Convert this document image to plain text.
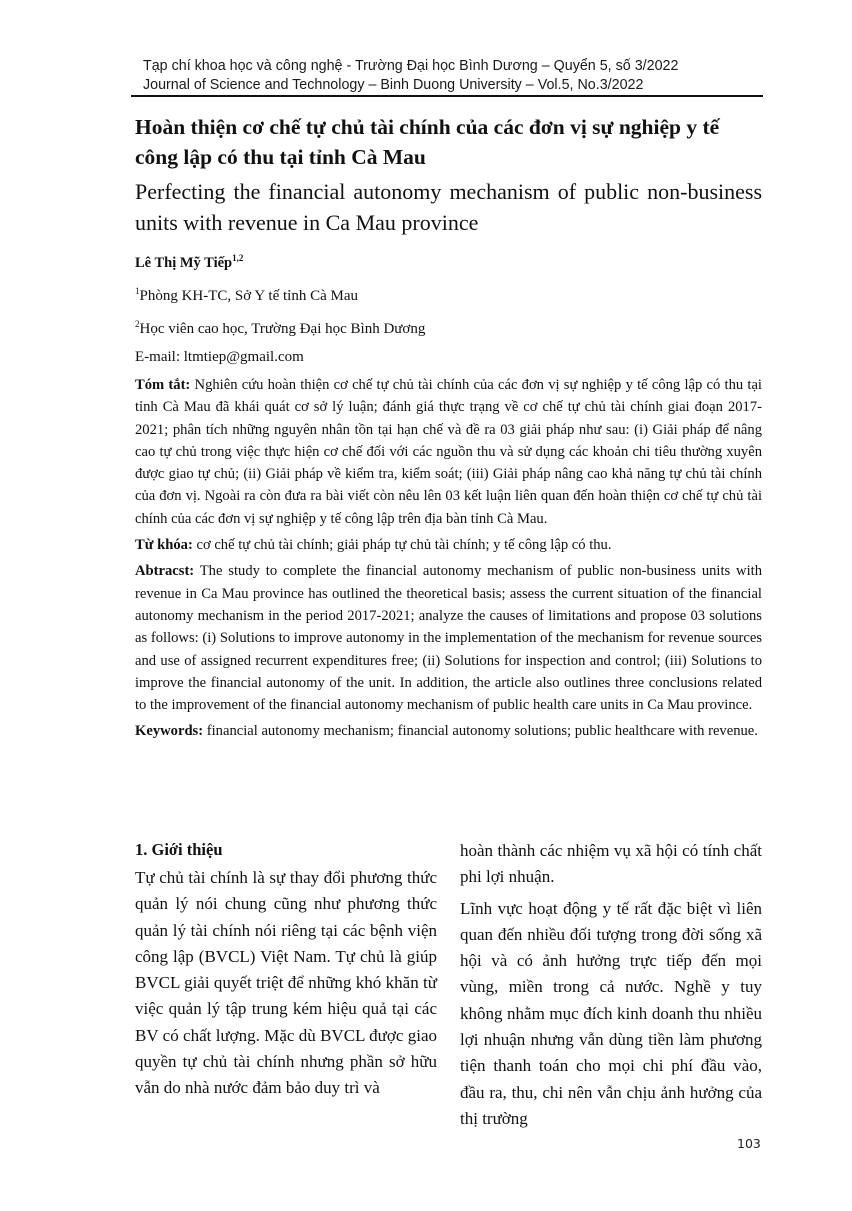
Tạp chí khoa học và công nghệ - Trường Đại học Bình Dương – Quyển 5, số 3/2022
Journal of Science and Technology – Binh Duong University – Vol.5, No.3/2022
Hoàn thiện cơ chế tự chủ tài chính của các đơn vị sự nghiệp y tế công lập có thu tại tỉnh Cà Mau
Perfecting the financial autonomy mechanism of public non-business units with revenue in Ca Mau province
Lê Thị Mỹ Tiếp$^{1,2}$
$^1$Phòng KH-TC, Sở Y tế tỉnh Cà Mau
$^2$Học viên cao học, Trường Đại học Bình Dương
E-mail: ltmtiep@gmail.com
Tóm tắt: Nghiên cứu hoàn thiện cơ chế tự chủ tài chính của các đơn vị sự nghiệp y tế công lập có thu tại tỉnh Cà Mau đã khái quát cơ sở lý luận; đánh giá thực trạng về cơ chế tự chủ tài chính giai đoạn 2017-2021; phân tích những nguyên nhân tồn tại hạn chế và đề ra 03 giải pháp như sau: (i) Giải pháp để nâng cao tự chủ trong việc thực hiện cơ chế đối với các nguồn thu và sử dụng các khoản chi tiêu thường xuyên được giao tự chủ; (ii) Giải pháp về kiểm tra, kiểm soát; (iii) Giải pháp nâng cao khả năng tự chủ tài chính của đơn vị. Ngoài ra còn đưa ra bài viết còn nêu lên 03 kết luận liên quan đến hoàn thiện cơ chế tự chủ tài chính của các đơn vị sự nghiệp y tế công lập trên địa bàn tỉnh Cà Mau.
Từ khóa: cơ chế tự chủ tài chính; giải pháp tự chủ tài chính; y tế công lập có thu.
Abtracst: The study to complete the financial autonomy mechanism of public non-business units with revenue in Ca Mau province has outlined the theoretical basis; assess the current situation of the financial autonomy mechanism in the period 2017-2021; analyze the causes of limitations and propose 03 solutions as follows: (i) Solutions to improve autonomy in the implementation of the mechanism for revenue sources and use of assigned recurrent expenditures free; (ii) Solutions for inspection and control; (iii) Solutions to improve the financial autonomy of the unit. In addition, the article also outlines three conclusions related to the improvement of the financial autonomy mechanism of public health care units in Ca Mau province.
Keywords: financial autonomy mechanism; financial autonomy solutions; public healthcare with revenue.
1. Giới thiệu

Tự chủ tài chính là sự thay đổi phương thức quản lý nói chung cũng như phương thức quản lý tài chính nói riêng tại các bệnh viện công lập (BVCL) Việt Nam. Tự chủ là giúp BVCL giải quyết triệt để những khó khăn từ việc quản lý tập trung kém hiệu quả tại các BV có chất lượng. Mặc dù BVCL được giao quyền tự chủ tài chính nhưng phần sở hữu vẫn do nhà nước đảm bảo duy trì và

hoàn thành các nhiệm vụ xã hội có tính chất phi lợi nhuận.

Lĩnh vực hoạt động y tế rất đặc biệt vì liên quan đến nhiều đối tượng trong đời sống xã hội và có ảnh hưởng trực tiếp đến mọi vùng, miền trong cả nước. Nghề y tuy không nhằm mục đích kinh doanh thu nhiều lợi nhuận nhưng vẫn dùng tiền làm phương tiện thanh toán cho mọi chi phí đầu vào, đầu ra, thu, chi nên vẫn chịu ảnh hưởng của thị trường

103
